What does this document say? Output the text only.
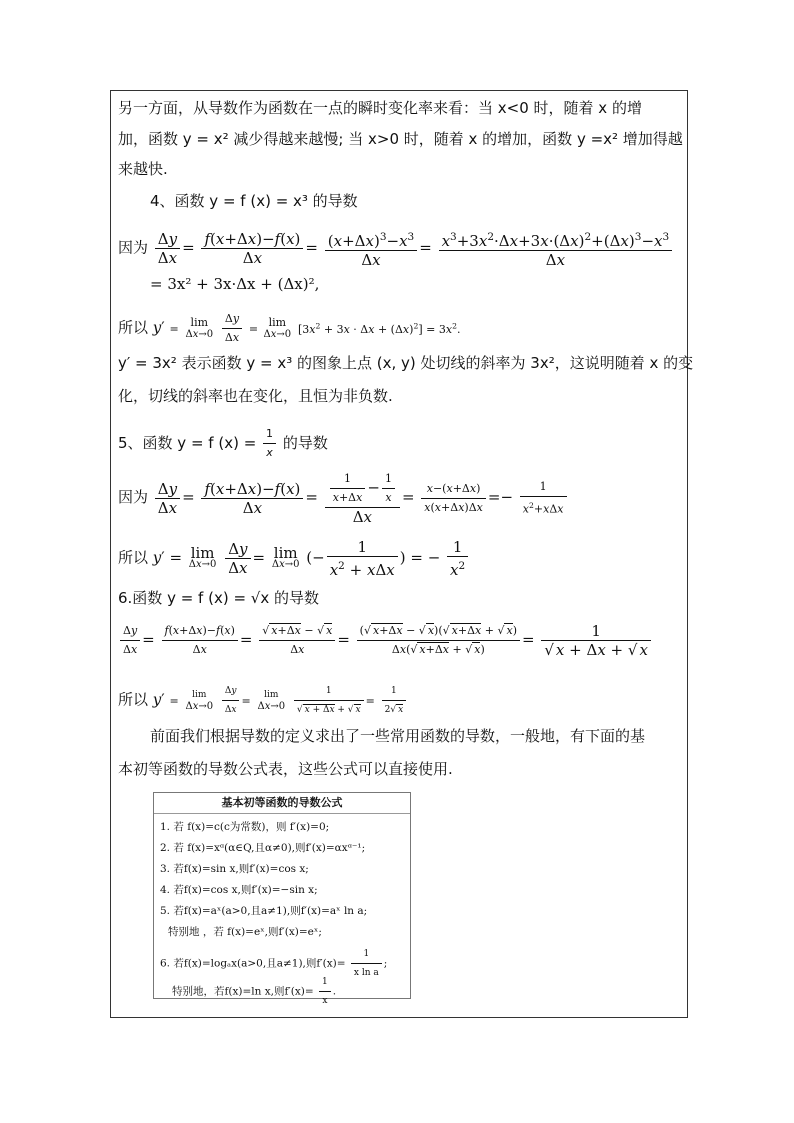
另一方面，从导数作为函数在一点的瞬时变化率来看：当 x<0 时，随着 x 的增
加，函数 y = x² 减少得越来越慢; 当 x>0 时，随着 x 的增加，函数 y =x² 增加得越
来越快.
4、函数 y = f (x) = x³ 的导数
因为 $\frac{\Delta y}{\Delta x} = \frac{f(x+\Delta x)-f(x)}{\Delta x} = \frac{(x+\Delta x)^3-x^3}{\Delta x} = \frac{x^3+3x^2\cdot\Delta x+3x\cdot(\Delta x)^2+(\Delta x)^3-x^3}{\Delta x}$
= 3x² + 3x·Δx + (Δx)²,
所以 y′ =
lim
Δx→0
$\frac{\Delta y}{\Delta x}$ =
lim
Δx→0 $[3x^2 + 3x \cdot \Delta x + (\Delta x)^2] = 3x^2$.
y′ = 3x² 表示函数 y = x³ 的图象上点 (x, y) 处切线的斜率为 3x²，这说明随着 x 的变
化，切线的斜率也在变化，且恒为非负数.
5、函数 y = f $(x) = \frac{1}{x}$ 的导数
因为 $\frac{\Delta y}{\Delta x} = \frac{f(x+\Delta x)-f(x)}{\Delta x} = \frac{\frac{1}{x+\Delta x} - \frac{1}{x}}{\Delta x} = \frac{x-(x+\Delta x)}{x(x+\Delta x)\Delta x} =- \frac{1}{x^2+x\Delta x}$
所以 y′ = lim
Δx→0
$\frac{\Delta y}{\Delta x} = \lim$
Δx→0 (− $\frac{1}{x^2 + x\Delta x}$ ) = − $\frac{1}{x^2}$
6.函数 y = f (x) = √x 的导数
$\frac{\Delta y}{\Delta x} = \frac{f(x+\Delta x)-f(x)}{\Delta x} = \frac{√ x+\Delta x - √ x}{\Delta x} = \frac{(√ x+\Delta x - √ x)(√ x+\Delta x + √ x)}{\Delta x(√ x+\Delta x + √ x)} = \frac{1}{√ x + \Delta x + √ x}$
所以 y′ =	lim
Δx→0
$\frac{\Delta y}{\Delta x}$ =	lim
Δx→0
$\frac{1}{√ x + \Delta x + √ x} = \frac{1}{2√ x}$
前面我们根据导数的定义求出了一些常用函数的导数，一般地，有下面的基
本初等函数的导数公式表，这些公式可以直接使用.
基本初等函数的导数公式
1. 若 f(x)=c(c为常数)，则 f′(x)=0;
2. 若 f(x)=xᵅ(α∈Q,且α≠0),则f′(x)=αxᵅ⁻¹;
3. 若f(x)=sin x,则f′(x)=cos x;
4. 若f(x)=cos x,则f′(x)=−sin x;
5. 若f(x)=aˣ(a>0,且a≠1),则f′(x)=aˣ ln a;
特别地 ，若 f(x)=eˣ,则f′(x)=eˣ;
6. 若f(x)=logₐx(a>0,且a≠1),则$f'(x)= \frac{1}{\text{x ln a}}$ ;
特别地，若f(x)=ln x,则$f'(x)= \frac{1}{x}$ .
